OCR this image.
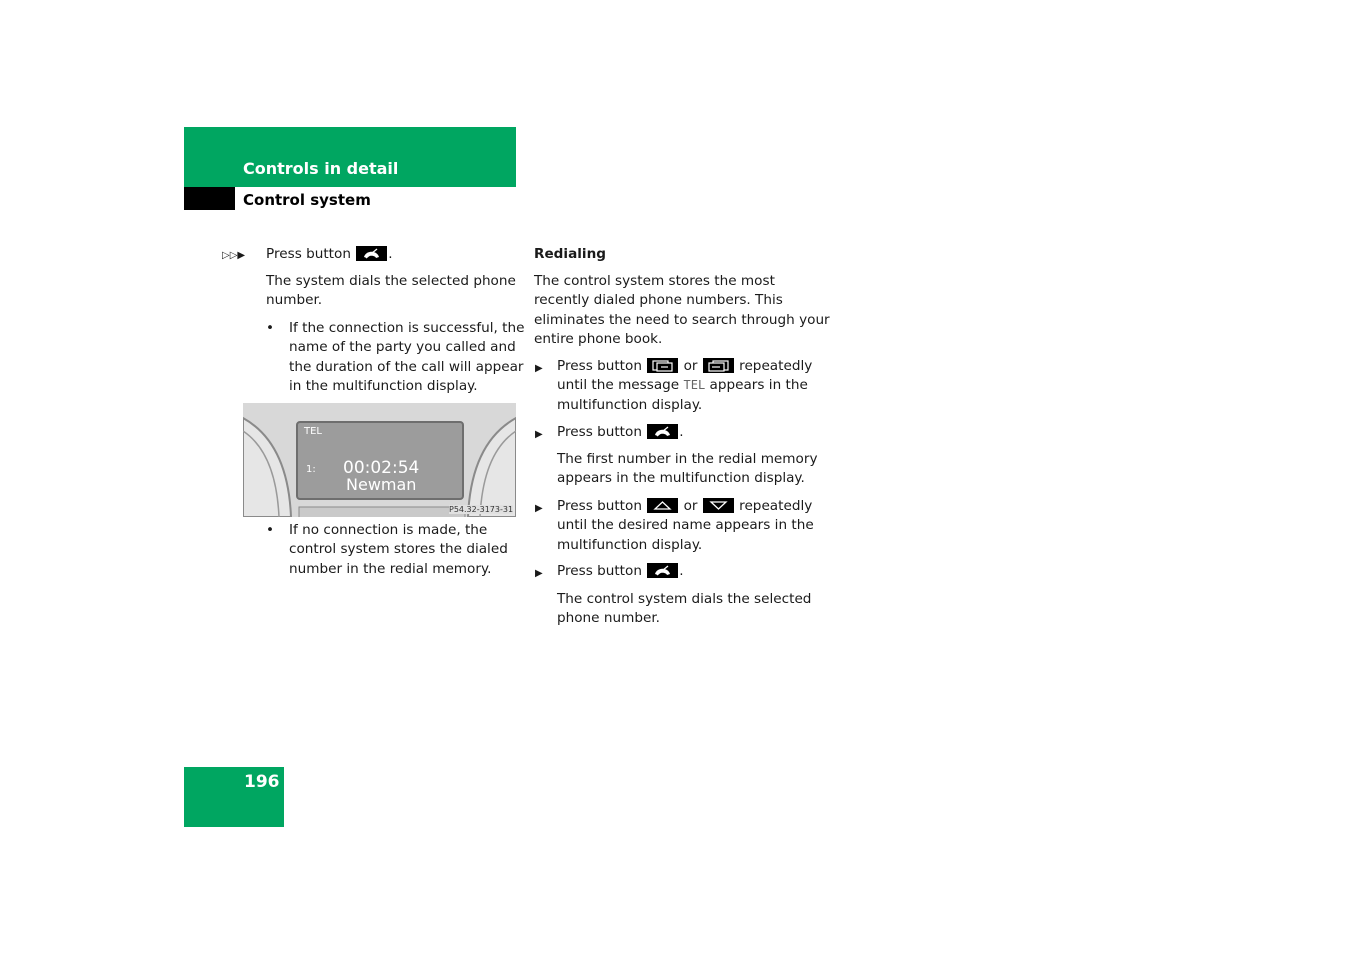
Controls in detail
Control system
▷▷▶ Press button	.
The system dials the selected phone
number.
• If the connection is successful, the
name of the party you called and
the duration of the call will appear
in the multifunction display.
TEL
1: 00:02:54
Newman
P54.32-3173-31
• If no connection is made, the
control system stores the dialed
number in the redial memory.
Redialing
The control system stores the most
recently dialed phone numbers. This
eliminates the need to search through your
entire phone book.
▶ Press button	or	repeatedly
until the message TEL appears in the
multifunction display.
▶ Press button	.
The first number in the redial memory
appears in the multifunction display.
▶ Press button	or	repeatedly
until the desired name appears in the
multifunction display.
▶ Press button	.
The control system dials the selected
phone number.
196
